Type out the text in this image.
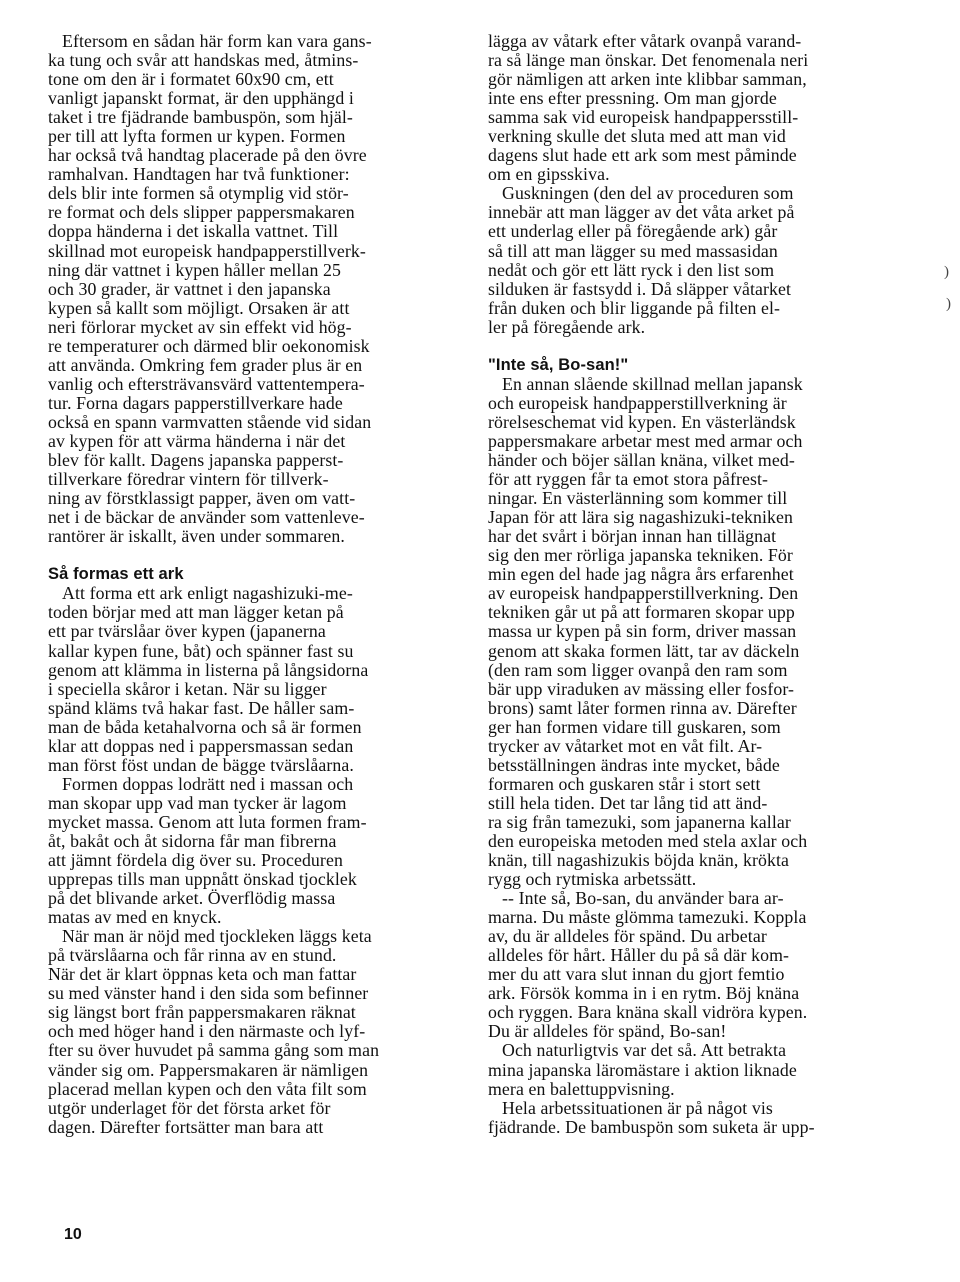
Eftersom en sådan här form kan vara gans-
ka tung och svår att handskas med, åtmins-
tone om den är i formatet 60x90 cm, ett
vanligt japanskt format, är den upphängd i
taket i tre fjädrande bambuspön, som hjäl-
per till att lyfta formen ur kypen. Formen
har också två handtag placerade på den övre
ramhalvan. Handtagen har två funktioner:
dels blir inte formen så otymplig vid stör-
re format och dels slipper pappersmakaren
doppa händerna i det iskalla vattnet. Till
skillnad mot europeisk handpapperstillverk-
ning där vattnet i kypen håller mellan 25
och 30 grader, är vattnet i den japanska
kypen så kallt som möjligt. Orsaken är att
neri förlorar mycket av sin effekt vid hög-
re temperaturer och därmed blir oekonomisk
att använda. Omkring fem grader plus är en
vanlig och eftersträvansvärd vattentempera-
tur. Forna dagars papperstillverkare hade
också en spann varmvatten stående vid sidan
av kypen för att värma händerna i när det
blev för kallt. Dagens japanska papperst-
tillverkare föredrar vintern för tillverk-
ning av förstklassigt papper, även om vatt-
net i de bäckar de använder som vattenleve-
rantörer är iskallt, även under sommaren.
Så formas ett ark
Att forma ett ark enligt nagashizuki-me-
toden börjar med att man lägger ketan på
ett par tvärslåar över kypen (japanerna
kallar kypen fune, båt) och spänner fast su
genom att klämma in listerna på långsidorna
i speciella skåror i ketan. När su ligger
spänd kläms två hakar fast. De håller sam-
man de båda ketahalvorna och så är formen
klar att doppas ned i pappersmassan sedan
man först föst undan de bägge tvärslåarna.
Formen doppas lodrätt ned i massan och
man skopar upp vad man tycker är lagom
mycket massa. Genom att luta formen fram-
åt, bakåt och åt sidorna får man fibrerna
att jämnt fördela dig över su. Proceduren
upprepas tills man uppnått önskad tjocklek
på det blivande arket. Överflödig massa
matas av med en knyck.
När man är nöjd med tjockleken läggs keta
på tvärslåarna och får rinna av en stund.
När det är klart öppnas keta och man fattar
su med vänster hand i den sida som befinner
sig längst bort från pappersmakaren räknat
och med höger hand i den närmaste och lyf-
fter su över huvudet på samma gång som man
vänder sig om. Pappersmakaren är nämligen
placerad mellan kypen och den våta filt som
utgör underlaget för det första arket för
dagen. Därefter fortsätter man bara att
lägga av våtark efter våtark ovanpå varand-
ra så länge man önskar. Det fenomenala neri
gör nämligen att arken inte klibbar samman,
inte ens efter pressning. Om man gjorde
samma sak vid europeisk handpappersstill-
verkning skulle det sluta med att man vid
dagens slut hade ett ark som mest påminde
om en gipsskiva.
Guskningen (den del av proceduren som
innebär att man lägger av det våta arket på
ett underlag eller på föregående ark) går
så till att man lägger su med massasidan
nedåt och gör ett lätt ryck i den list som
silduken är fastsydd i. Då släpper våtarket
från duken och blir liggande på filten el-
ler på föregående ark.
"Inte så, Bo-san!"
En annan slående skillnad mellan japansk
och europeisk handpapperstillverkning är
rörelseschemat vid kypen. En västerländsk
pappersmakare arbetar mest med armar och
händer och böjer sällan knäna, vilket med-
för att ryggen får ta emot stora påfrest-
ningar. En västerlänning som kommer till
Japan för att lära sig nagashizuki-tekniken
har det svårt i början innan han tillägnat
sig den mer rörliga japanska tekniken. För
min egen del hade jag några års erfarenhet
av europeisk handpapperstillverkning. Den
tekniken går ut på att formaren skopar upp
massa ur kypen på sin form, driver massan
genom att skaka formen lätt, tar av däckeln
(den ram som ligger ovanpå den ram som
bär upp viraduken av mässing eller fosfor-
brons) samt låter formen rinna av. Därefter
ger han formen vidare till guskaren, som
trycker av våtarket mot en våt filt. Ar-
betsställningen ändras inte mycket, både
formaren och guskaren står i stort sett
still hela tiden. Det tar lång tid att änd-
ra sig från tamezuki, som japanerna kallar
den europeiska metoden med stela axlar och
knän, till nagashizukis böjda knän, krökta
rygg och rytmiska arbetssätt.
-- Inte så, Bo-san, du använder bara ar-
marna. Du måste glömma tamezuki. Koppla
av, du är alldeles för spänd. Du arbetar
alldeles för hårt. Håller du på så där kom-
mer du att vara slut innan du gjort femtio
ark. Försök komma in i en rytm. Böj knäna
och ryggen. Bara knäna skall vidröra kypen.
Du är alldeles för spänd, Bo-san!
Och naturligtvis var det så. Att betrakta
mina japanska läromästare i aktion liknade
mera en balettuppvisning.
Hela arbetssituationen är på något vis
fjädrande. De bambuspön som suketa är upp-
)
)
10
